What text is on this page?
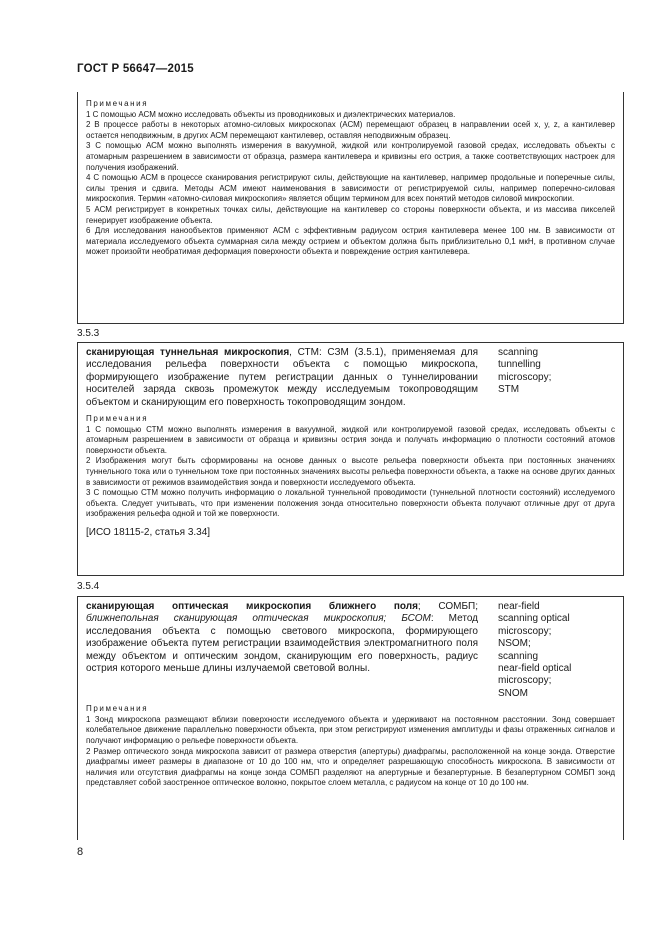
ГОСТ Р 56647—2015

Примечания

1 С помощью АСМ можно исследовать объекты из проводниковых и диэлектрических материалов.

2 В процессе работы в некоторых атомно-силовых микроскопах (АСМ) перемещают образец в направлении осей x, y, z, а кантилевер остается неподвижным, в других АСМ перемещают кантилевер, оставляя неподвижным образец.

3 С помощью АСМ можно выполнять измерения в вакуумной, жидкой или контролируемой газовой средах, исследовать объекты с атомарным разрешением в зависимости от образца, размера кантилевера и кривизны его острия, а также соответствующих настроек для получения изображений.

4 С помощью АСМ в процессе сканирования регистрируют силы, действующие на кантилевер, например продольные и поперечные силы, силы трения и сдвига. Методы АСМ имеют наименования в зависимости от регистрируемой силы, например поперечно-силовая микроскопия. Термин «атомно-силовая микроскопия» является общим термином для всех понятий методов силовой микроскопии.

5 АСМ регистрирует в конкретных точках силы, действующие на кантилевер со стороны поверхности объекта, и из массива пикселей генерирует изображение объекта.

6 Для исследования нанообъектов применяют АСМ с эффективным радиусом острия кантилевера менее 100 нм. В зависимости от материала исследуемого объекта суммарная сила между острием и объектом должна быть приблизительно 0,1 мкН, в противном случае может произойти необратимая деформация поверхности объекта и повреждение острия кантилевера.

3.5.3
сканирующая туннельная микроскопия, СТМ: СЗМ (3.5.1), применяемая для исследования рельефа поверхности объекта с помощью микроскопа, формирующего изображение путем регистрации данных о туннелировании носителей заряда сквозь промежуток между исследуемым токопроводящим объектом и сканирующим его поверхность токопроводящим зондом.
scanning
tunnelling
microscopy;
STM

Примечания

1 С помощью СТМ можно выполнять измерения в вакуумной, жидкой или контролируемой газовой средах, исследовать объекты с атомарным разрешением в зависимости от образца и кривизны острия зонда и получать информацию о плотности состояний атомов поверхности объекта.

2 Изображения могут быть сформированы на основе данных о высоте рельефа поверхности объекта при постоянных значениях туннельного тока или о туннельном токе при постоянных значениях высоты рельефа поверхности объекта, а также на основе других данных в зависимости от режимов взаимодействия зонда и поверхности исследуемого объекта.

3 С помощью СТМ можно получить информацию о локальной туннельной проводимости (туннельной плотности состояний) исследуемого объекта. Следует учитывать, что при изменении положения зонда относительно поверхности объекта получают отличные друг от друга изображения рельефа одной и той же поверхности.

[ИСО 18115-2, статья 3.34]
3.5.4
сканирующая оптическая микроскопия ближнего поля; СОМБП; ближнепольная сканирующая оптическая микроскопия; БСОМ: Метод исследования объекта с помощью светового микроскопа, формирующего изображение объекта путем регистрации взаимодействия электромагнитного поля между объектом и оптическим зондом, сканирующим его поверхность, радиус острия которого меньше длины излучаемой световой волны.
near-field
scanning optical
microscopy;
NSOM;
scanning
near-field optical
microscopy;
SNOM

Примечания

1 Зонд микроскопа размещают вблизи поверхности исследуемого объекта и удерживают на постоянном расстоянии. Зонд совершает колебательное движение параллельно поверхности объекта, при этом регистрируют изменения амплитуды и фазы отраженных сигналов и получают информацию о рельефе поверхности объекта.

2 Размер оптического зонда микроскопа зависит от размера отверстия (апертуры) диафрагмы, расположенной на конце зонда. Отверстие диафрагмы имеет размеры в диапазоне от 10 до 100 нм, что и определяет разрешающую способность микроскопа. В зависимости от наличия или отсутствия диафрагмы на конце зонда СОМБП разделяют на апертурные и безапертурные. В безапертурном СОМБП зонд представляет собой заостренное оптическое волокно, покрытое слоем металла, с радиусом на конце от 10 до 100 нм.

8
